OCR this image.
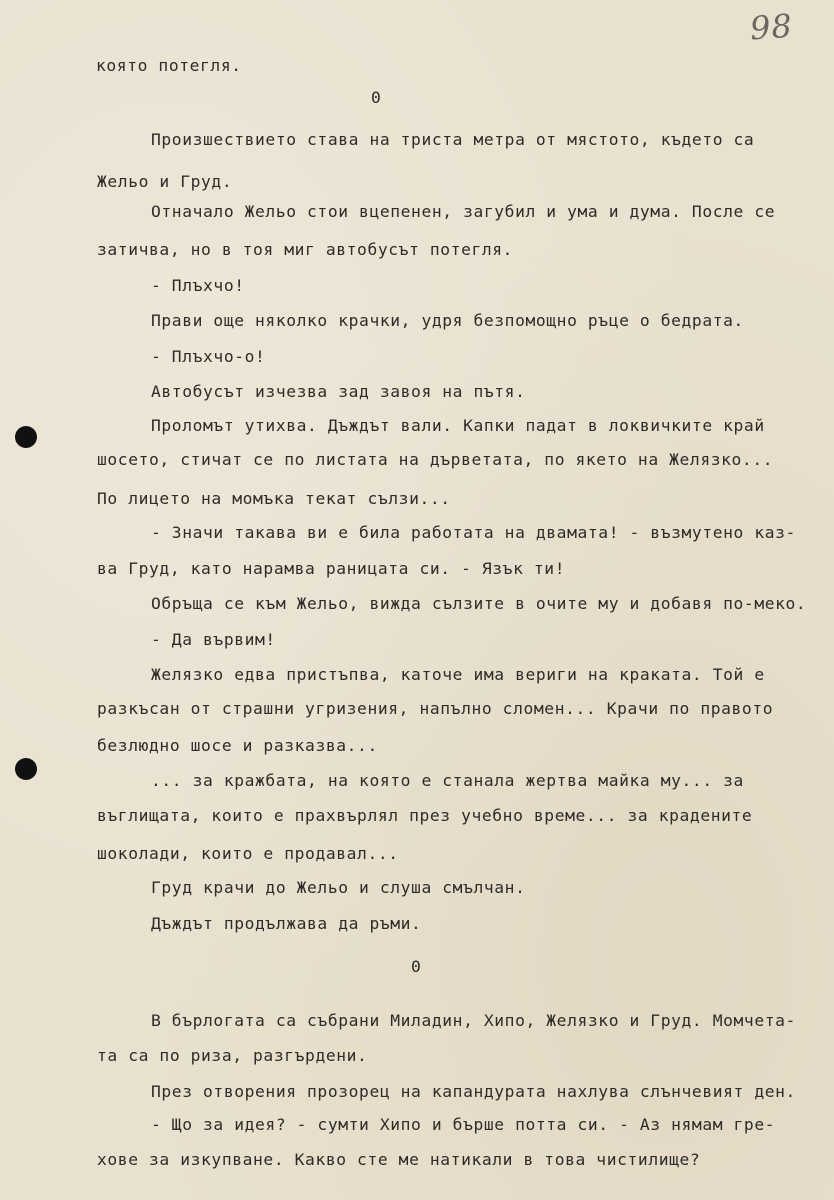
98
която потегля.
0
Произшествието става на триста метра от мястото, където са
Жельо и Груд.
Отначало Жельо стои вцепенен, загубил и ума и дума. После се
затичва, но в тоя миг автобусът потегля.
- Плъхчо!
Прави още няколко крачки, удря безпомощно ръце о бедрата.
- Плъхчо-о!
Автобусът изчезва зад завоя на пътя.
Проломът утихва. Дъждът вали. Капки падат в локвичките край
шосето, стичат се по листата на дърветата, по якето на Желязко...
По лицето на момъка текат сълзи...
- Значи такава ви е била работата на двамата! - възмутено каз-
ва Груд, като нарамва раницата си. - Язък ти!
Обръща се към Жельо, вижда сълзите в очите му и добавя по-меко.
- Да вървим!
Желязко едва пристъпва, каточе има вериги на краката. Той е
разкъсан от страшни угризения, напълно сломен... Крачи по правото
безлюдно шосе и разказва...
... за кражбата, на която е станала жертва майка му... за
въглищата, които е прахвърлял през учебно време... за крадените
шоколади, които е продавал...
Груд крачи до Жельо и слуша смълчан.
Дъждът продължава да ръми.
0
В бърлогата са събрани Миладин, Хипо, Желязко и Груд. Момчета-
та са по риза, разгърдени.
През отворения прозорец на капандурата нахлува слънчевият ден.
- Що за идея? - сумти Хипо и бърше потта си. - Аз нямам гре-
хове за изкупване. Какво сте ме натикали в това чистилище?
